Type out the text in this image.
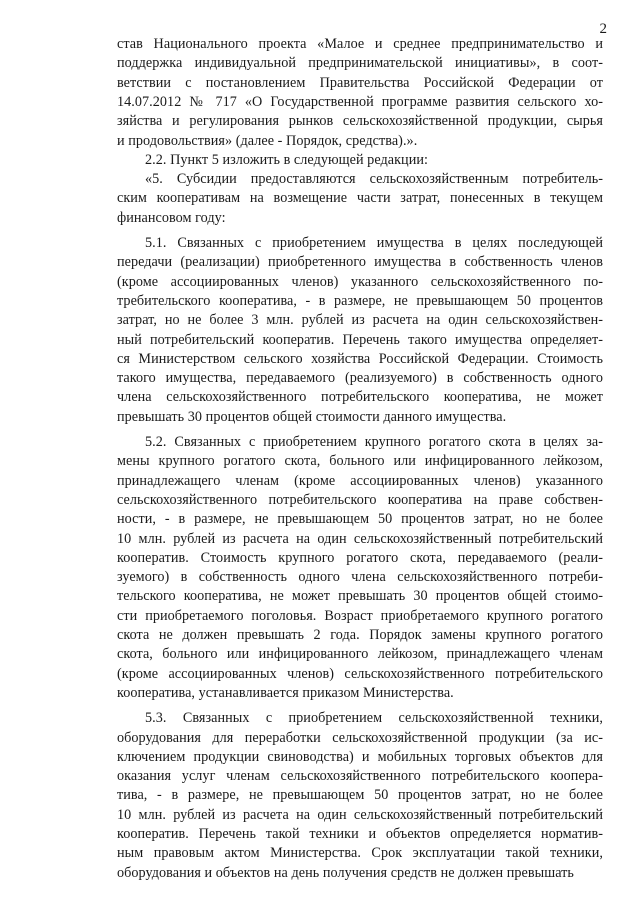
2
став Национального проекта «Малое и среднее предпринимательство и
поддержка индивидуальной предпринимательской инициативы», в соот-
ветствии с постановлением Правительства Российской Федерации от
14.07.2012 № 717 «О Государственной программе развития сельского хо-
зяйства и регулирования рынков сельскохозяйственной продукции, сырья
и продовольствия» (далее - Порядок, средства).».
2.2. Пункт 5 изложить в следующей редакции:
«5. Субсидии предоставляются сельскохозяйственным потребитель-
ским кооперативам на возмещение части затрат, понесенных в текущем
финансовом году:
5.1. Связанных с приобретением имущества в целях последующей
передачи (реализации) приобретенного имущества в собственность членов
(кроме ассоциированных членов) указанного сельскохозяйственного по-
требительского кооператива, - в размере, не превышающем 50 процентов
затрат, но не более 3 млн. рублей из расчета на один сельскохозяйствен-
ный потребительский кооператив. Перечень такого имущества определяет-
ся Министерством сельского хозяйства Российской Федерации. Стоимость
такого имущества, передаваемого (реализуемого) в собственность одного
члена сельскохозяйственного потребительского кооператива, не может
превышать 30 процентов общей стоимости данного имущества.
5.2. Связанных с приобретением крупного рогатого скота в целях за-
мены крупного рогатого скота, больного или инфицированного лейкозом,
принадлежащего членам (кроме ассоциированных членов) указанного
сельскохозяйственного потребительского кооператива на праве собствен-
ности, - в размере, не превышающем 50 процентов затрат, но не более
10 млн. рублей из расчета на один сельскохозяйственный потребительский
кооператив. Стоимость крупного рогатого скота, передаваемого (реали-
зуемого) в собственность одного члена сельскохозяйственного потреби-
тельского кооператива, не может превышать 30 процентов общей стоимо-
сти приобретаемого поголовья. Возраст приобретаемого крупного рогатого
скота не должен превышать 2 года. Порядок замены крупного рогатого
скота, больного или инфицированного лейкозом, принадлежащего членам
(кроме ассоциированных членов) сельскохозяйственного потребительского
кооператива, устанавливается приказом Министерства.
5.3. Связанных с приобретением сельскохозяйственной техники,
оборудования для переработки сельскохозяйственной продукции (за ис-
ключением продукции свиноводства) и мобильных торговых объектов для
оказания услуг членам сельскохозяйственного потребительского коопера-
тива, - в размере, не превышающем 50 процентов затрат, но не более
10 млн. рублей из расчета на один сельскохозяйственный потребительский
кооператив. Перечень такой техники и объектов определяется норматив-
ным правовым актом Министерства. Срок эксплуатации такой техники,
оборудования и объектов на день получения средств не должен превышать
